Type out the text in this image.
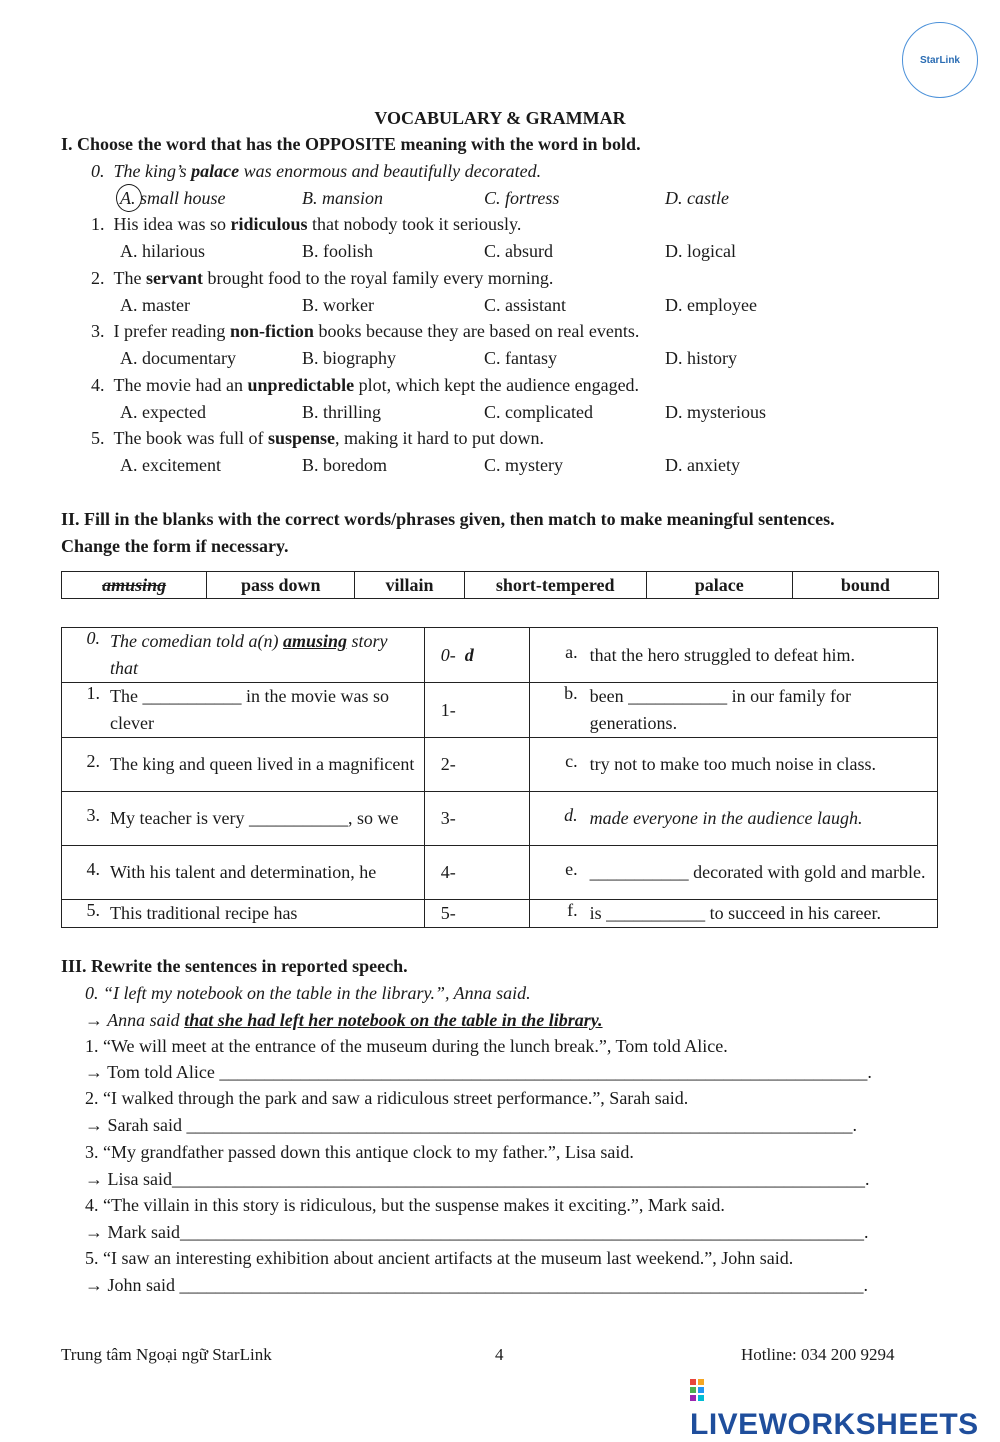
StarLink
VOCABULARY & GRAMMAR
I. Choose the word that has the OPPOSITE meaning with the word in bold.
0. The king’s palace was enormous and beautifully decorated.
A. small house	B. mansion	C. fortress	D. castle
1. His idea was so ridiculous that nobody took it seriously.
A. hilarious	B. foolish	C. absurd	D. logical
2. The servant brought food to the royal family every morning.
A. master	B. worker	C. assistant	D. employee
3. I prefer reading non-fiction books because they are based on real events.
A. documentary	B. biography	C. fantasy	D. history
4. The movie had an unpredictable plot, which kept the audience engaged.
A. expected	B. thrilling	C. complicated	D. mysterious
5. The book was full of suspense, making it hard to put down.
A. excitement	B. boredom	C. mystery	D. anxiety
II. Fill in the blanks with the correct words/phrases given, then match to make meaningful sentences.
Change the form if necessary.
amusing	pass down	villain	short-tempered	palace	bound
0. The comedian told a(n) amusing story that	0- d	a. that the hero struggled to defeat him.

1. The ___________ in the movie was so clever	1-	b. been ___________ in our family for generations.

2. The king and queen lived in a magnificent	2-	c. try not to make too much noise in class.

3. My teacher is very ___________, so we	3-	d. made everyone in the audience laugh.

4. With his talent and determination, he	4-	e. ___________ decorated with gold and marble.

5. This traditional recipe has	5-	f. is ___________ to succeed in his career.
III. Rewrite the sentences in reported speech.
0. “I left my notebook on the table in the library.”, Anna said.
→ Anna said that she had left her notebook on the table in the library.
1. “We will meet at the entrance of the museum during the lunch break.”, Tom told Alice.
→ Tom told Alice ________________________________________________________________________.
2. “I walked through the park and saw a ridiculous street performance.”, Sarah said.
→ Sarah said __________________________________________________________________________.
3. “My grandfather passed down this antique clock to my father.”, Lisa said.
→ Lisa said_____________________________________________________________________________.
4. “The villain in this story is ridiculous, but the suspense makes it exciting.”, Mark said.
→ Mark said____________________________________________________________________________.
5. “I saw an interesting exhibition about ancient artifacts at the museum last weekend.”, John said.
→ John said ____________________________________________________________________________.
Trung tâm Ngoại ngữ StarLink	4	Hotline: 034 200 9294
LIVEWORKSHEETS
